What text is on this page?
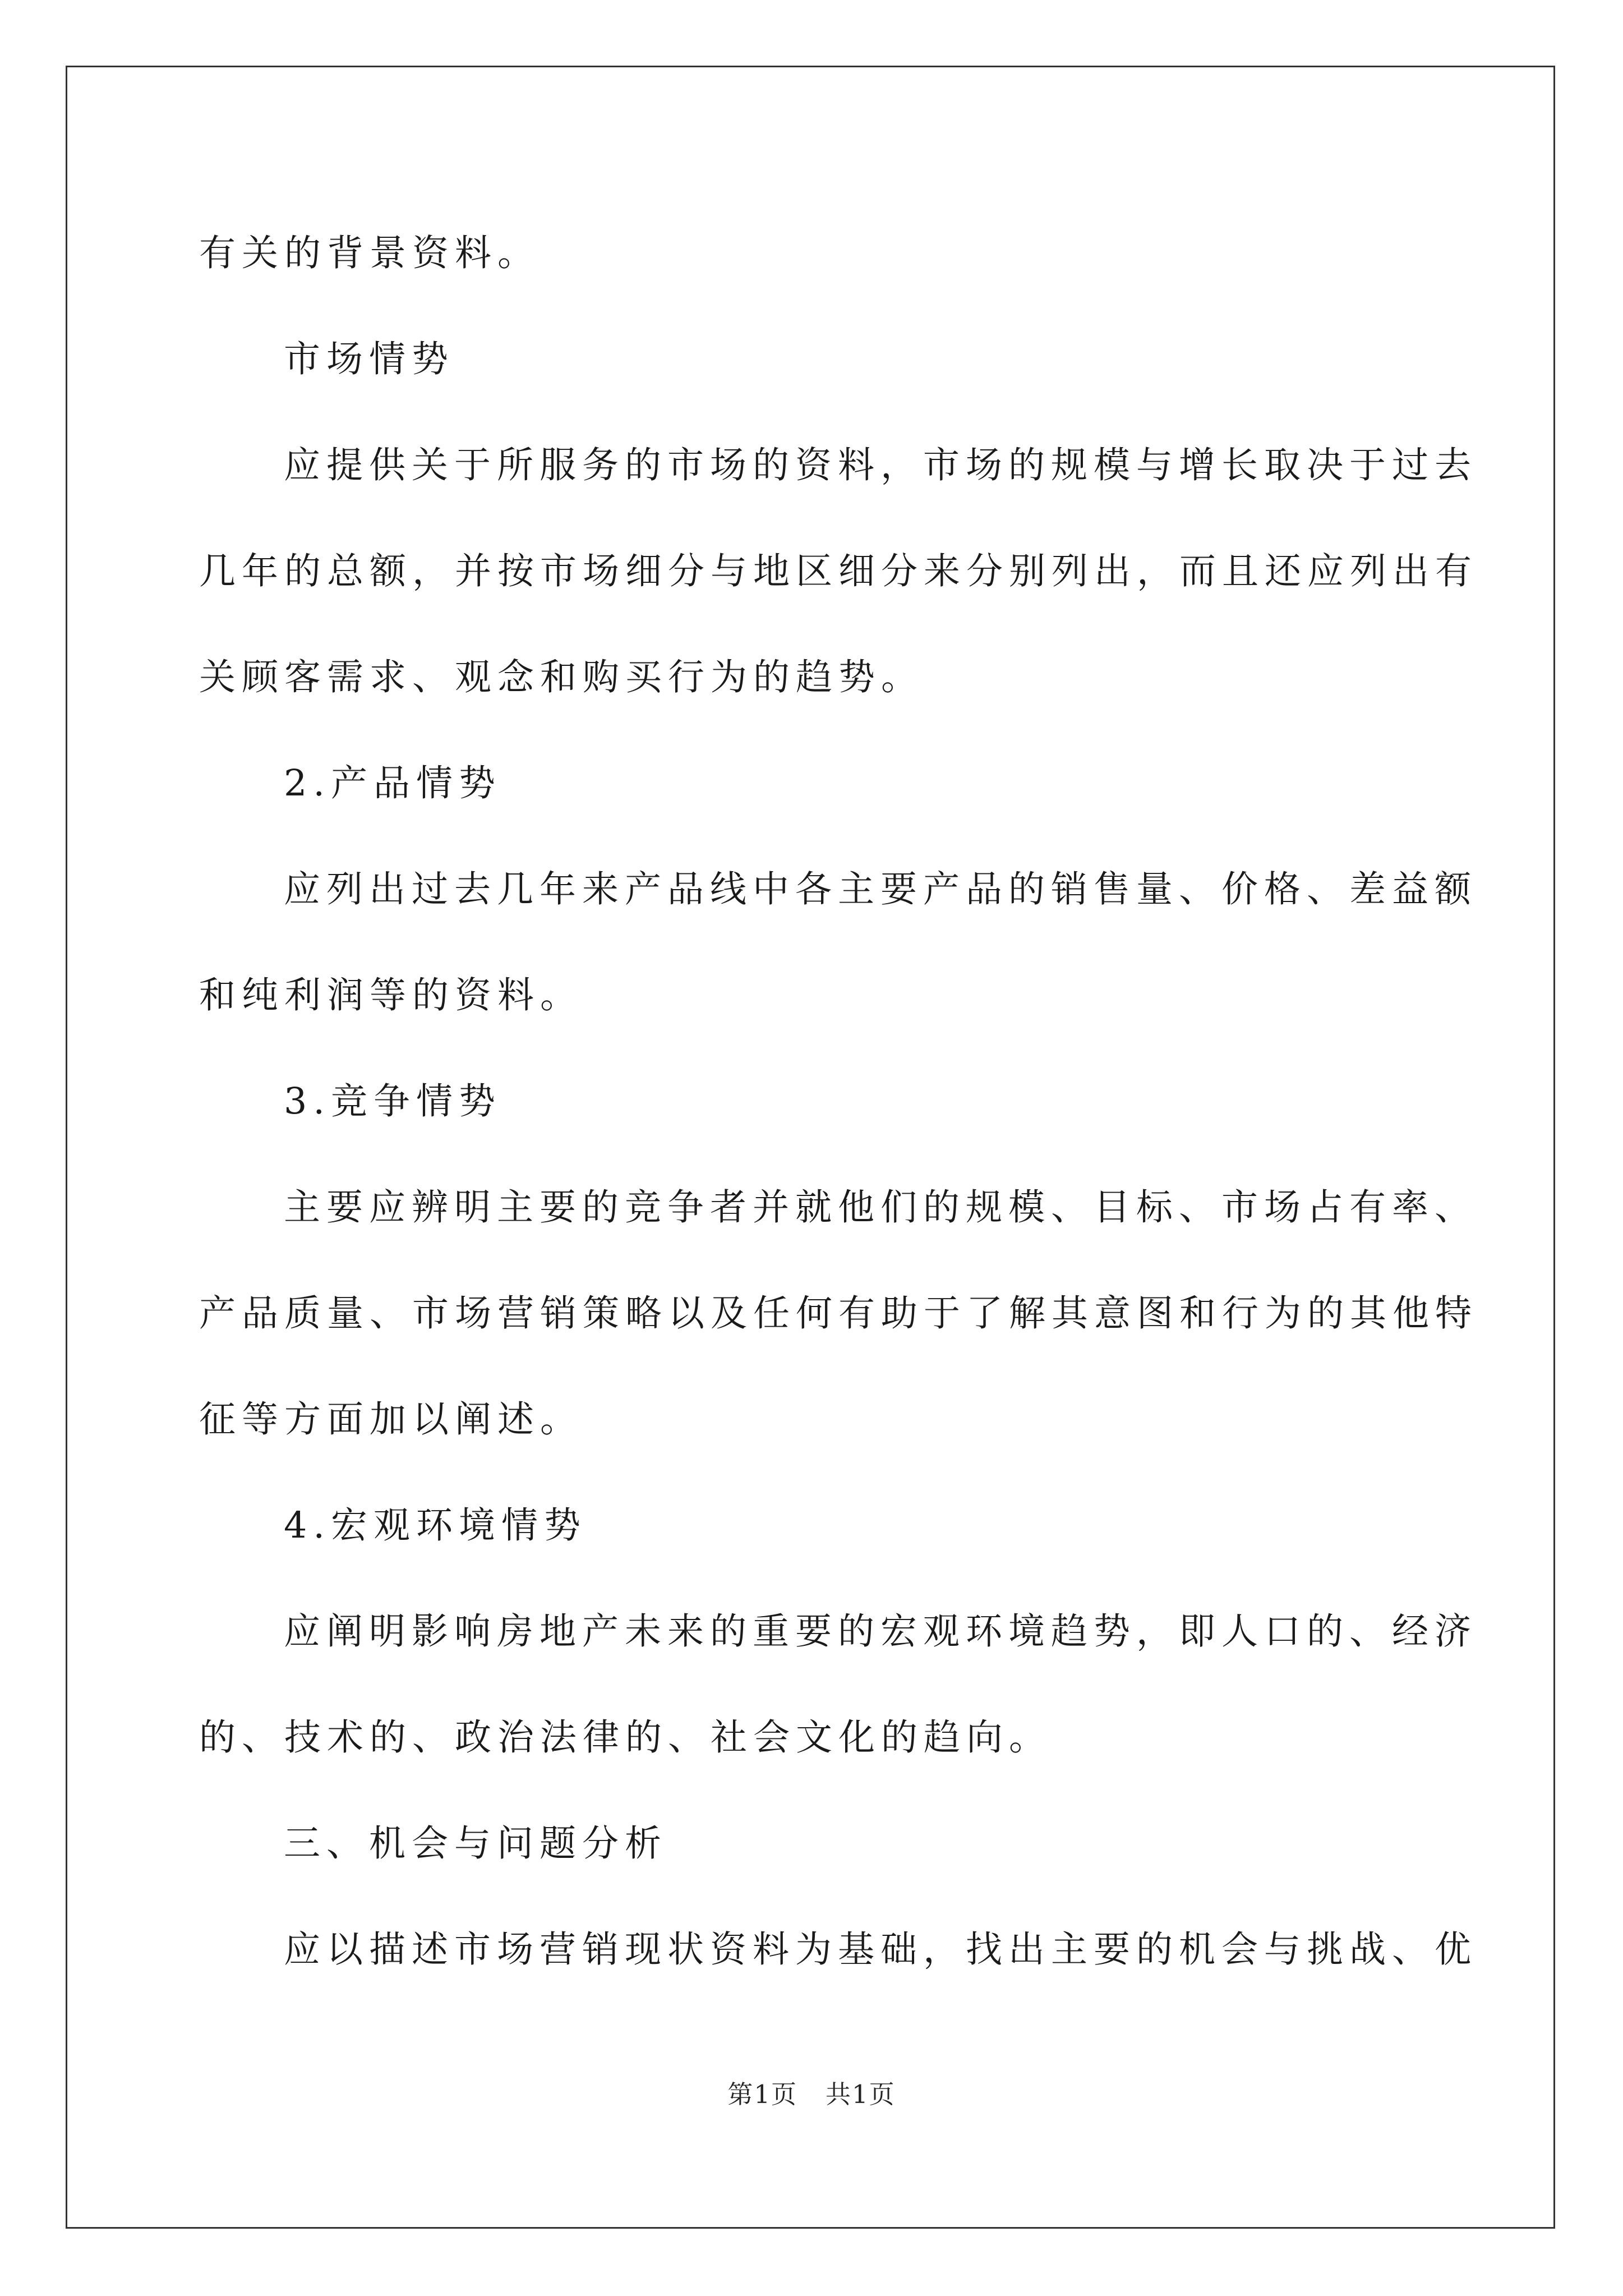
有关的背景资料。

市场情势

应提供关于所服务的市场的资料，市场的规模与增长取决于过去

几年的总额，并按市场细分与地区细分来分别列出，而且还应列出有

关顾客需求、观念和购买行为的趋势。

2.产品情势

应列出过去几年来产品线中各主要产品的销售量、价格、差益额

和纯利润等的资料。

3.竞争情势

主要应辨明主要的竞争者并就他们的规模、目标、市场占有率、

产品质量、市场营销策略以及任何有助于了解其意图和行为的其他特

征等方面加以阐述。

4.宏观环境情势

应阐明影响房地产未来的重要的宏观环境趋势，即人口的、经济

的、技术的、政治法律的、社会文化的趋向。

三、机会与问题分析

应以描述市场营销现状资料为基础，找出主要的机会与挑战、优

第1页 共1页
